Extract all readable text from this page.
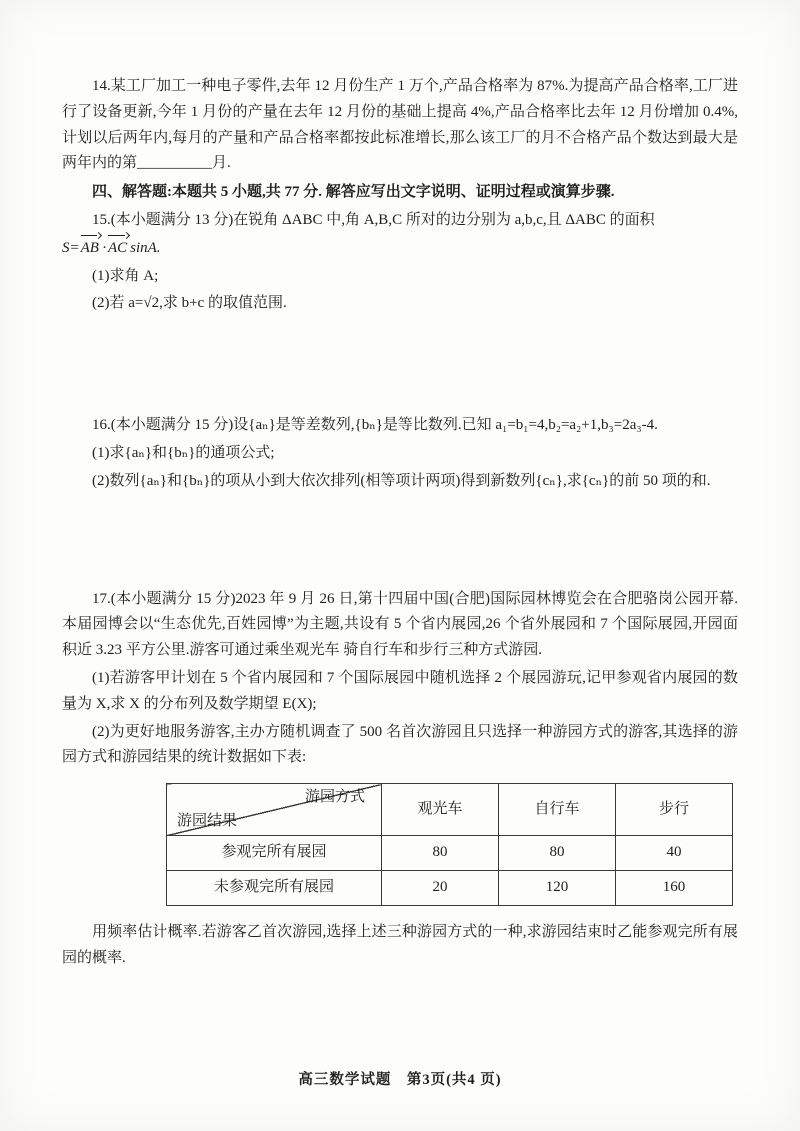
14.某工厂加工一种电子零件,去年 12 月份生产 1 万个,产品合格率为 87%.为提高产品合格率,工厂进行了设备更新,今年 1 月份的产量在去年 12 月份的基础上提高 4%,产品合格率比去年 12 月份增加 0.4%,计划以后两年内,每月的产量和产品合格率都按此标准增长,那么该工厂的月不合格产品个数达到最大是两年内的第__________月.

四、解答题:本题共 5 小题,共 77 分. 解答应写出文字说明、证明过程或演算步骤.

15.(本小题满分 13 分)在锐角 ΔABC 中,角 A,B,C 所对的边分别为 a,b,c,且 ΔABC 的面积

S=AB ·AC sinA.

(1)求角 A;

(2)若 a=√2,求 b+c 的取值范围.

16.(本小题满分 15 分)设{aₙ}是等差数列,{bₙ}是等比数列.已知 a₁=b₁=4,b₂=a₂+1,b₃=2a₃-4.

(1)求{aₙ}和{bₙ}的通项公式;

(2)数列{aₙ}和{bₙ}的项从小到大依次排列(相等项计两项)得到新数列{cₙ},求{cₙ}的前 50 项的和.

17.(本小题满分 15 分)2023 年 9 月 26 日,第十四届中国(合肥)国际园林博览会在合肥骆岗公园开幕.本届园博会以“生态优先,百姓园博”为主题,共设有 5 个省内展园,26 个省外展园和 7 个国际展园,开园面积近 3.23 平方公里.游客可通过乘坐观光车 骑自行车和步行三种方式游园.

(1)若游客甲计划在 5 个省内展园和 7 个国际展园中随机选择 2 个展园游玩,记甲参观省内展园的数量为 X,求 X 的分布列及数学期望 E(X);

(2)为更好地服务游客,主办方随机调查了 500 名首次游园且只选择一种游园方式的游客,其选择的游园方式和游园结果的统计数据如下表:

游园方式
游园结果	观光车	自行车	步行
参观完所有展园	80	80	40
未参观完所有展园	20	120	160

用频率估计概率.若游客乙首次游园,选择上述三种游园方式的一种,求游园结束时乙能参观完所有展园的概率.

高三数学试题　第3页(共4 页)
